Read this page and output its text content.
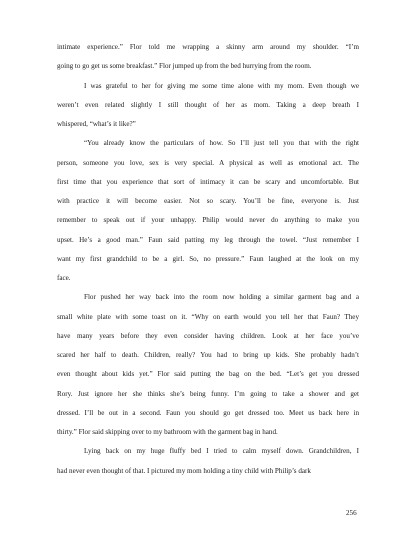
intimate experience.” Flor told me wrapping a skinny arm around my shoulder. “I’m
going to go get us some breakfast.” Flor jumped up from the bed hurrying from the room.
I was grateful to her for giving me some time alone with my mom. Even though we
weren’t even related slightly I still thought of her as mom. Taking a deep breath I
whispered, “what’s it like?”
“You already know the particulars of how. So I’ll just tell you that with the right
person, someone you love, sex is very special. A physical as well as emotional act. The
first time that you experience that sort of intimacy it can be scary and uncomfortable. But
with practice it will become easier. Not so scary. You’ll be fine, everyone is. Just
remember to speak out if your unhappy. Philip would never do anything to make you
upset. He’s a good man.” Faun said patting my leg through the towel. “Just remember I
want my first grandchild to be a girl. So, no pressure.” Faun laughed at the look on my
face.
Flor pushed her way back into the room now holding a similar garment bag and a
small white plate with some toast on it. “Why on earth would you tell her that Faun? They
have many years before they even consider having children. Look at her face you’ve
scared her half to death. Children, really? You had to bring up kids. She probably hadn’t
even thought about kids yet.” Flor said putting the bag on the bed. “Let’s get you dressed
Rory. Just ignore her she thinks she’s being funny. I’m going to take a shower and get
dressed. I’ll be out in a second. Faun you should go get dressed too. Meet us back here in
thirty.” Flor said skipping over to my bathroom with the garment bag in hand.
Lying back on my huge fluffy bed I tried to calm myself down. Grandchildren, I
had never even thought of that. I pictured my mom holding a tiny child with Philip’s dark
256
